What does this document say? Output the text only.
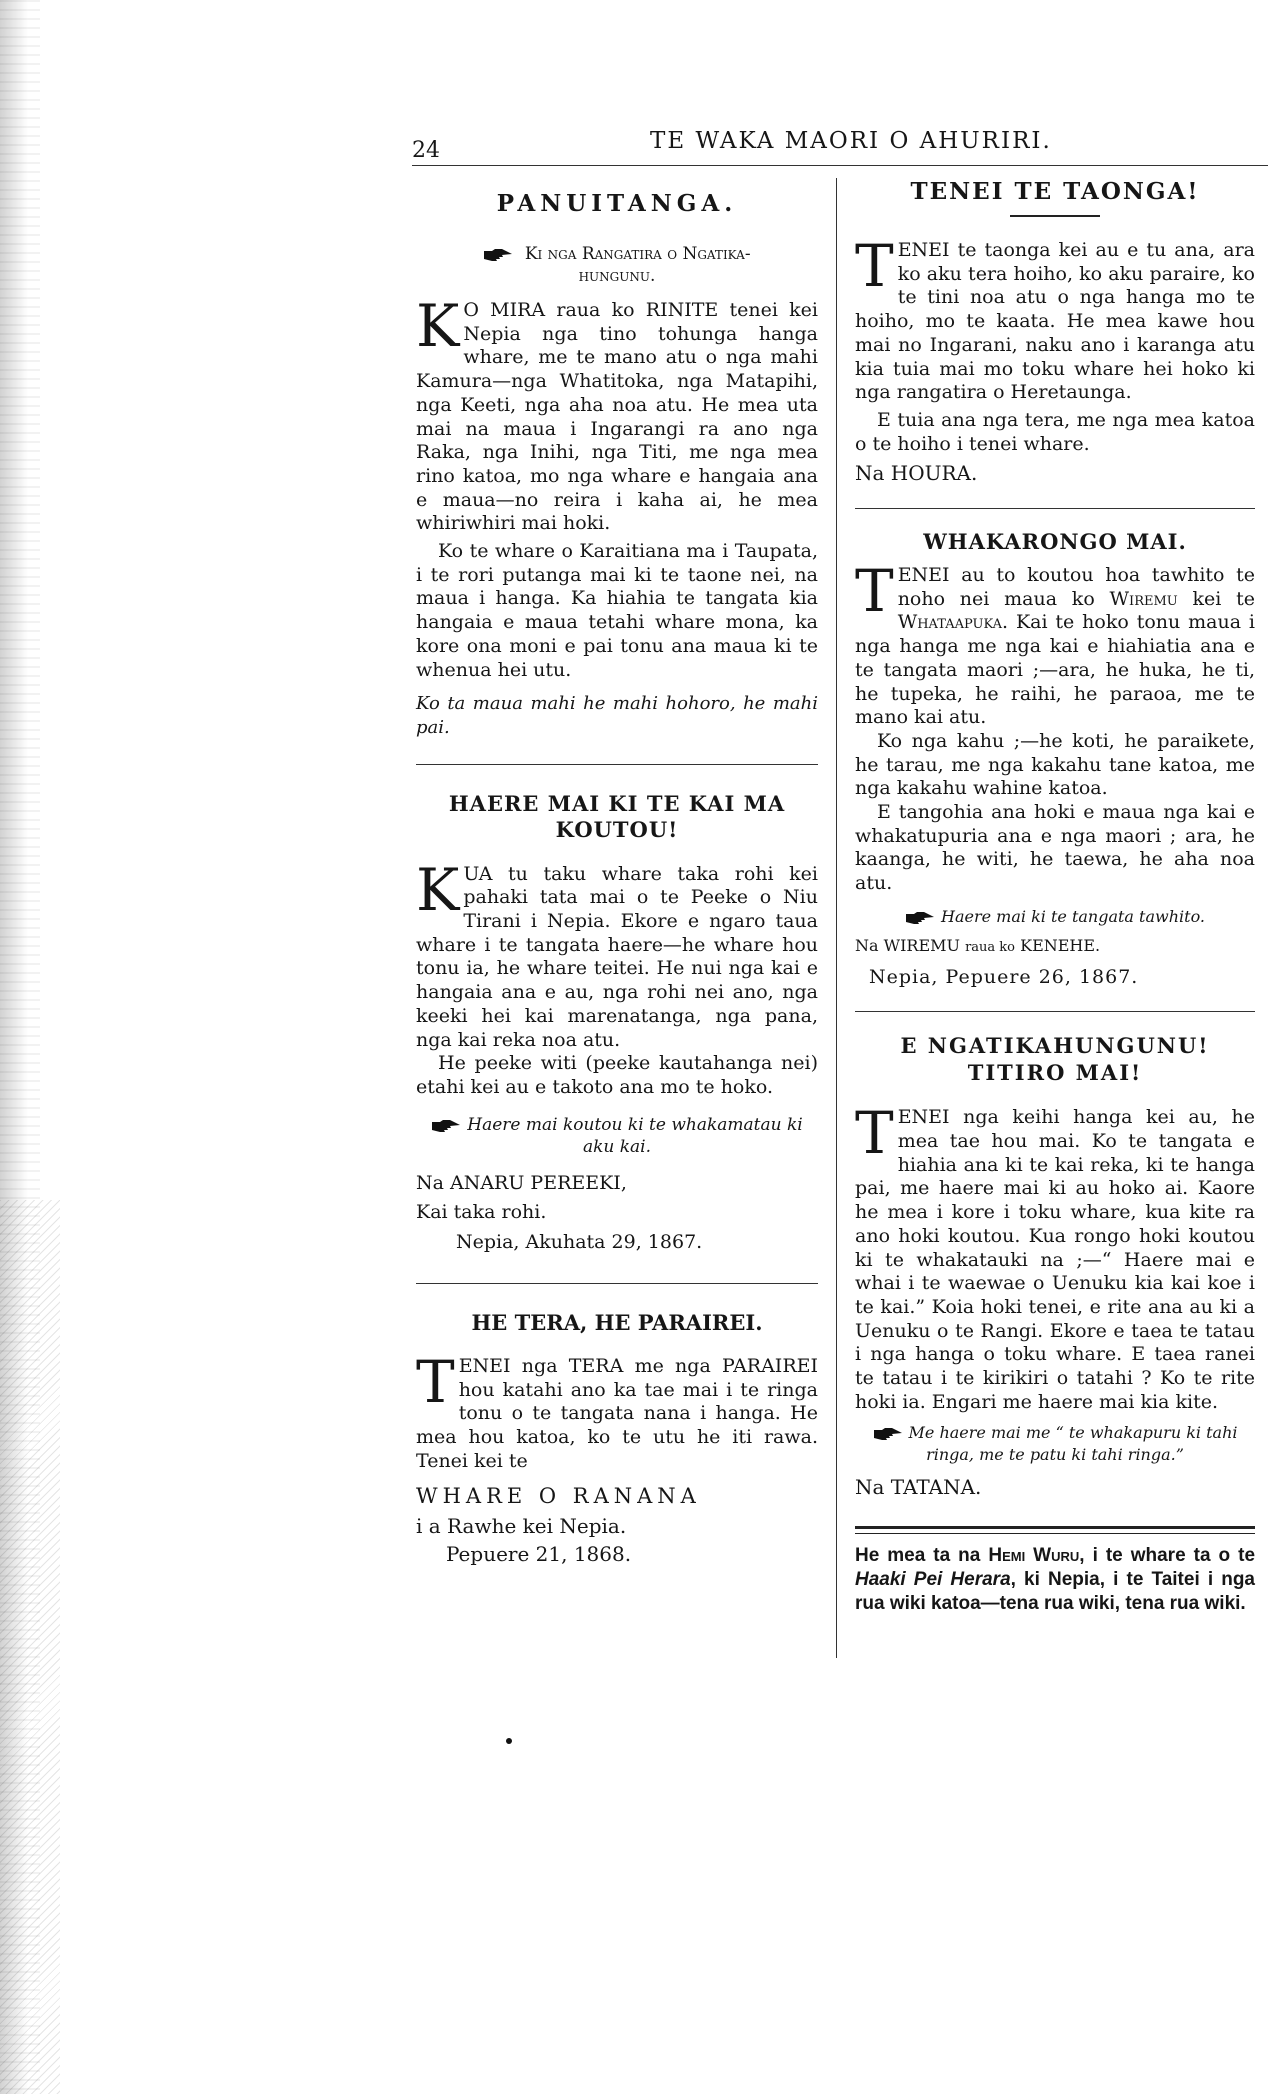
24	TE WAKA MAORI O AHURIRI.
PANUITANGA.
Ki nga Rangatira o Ngatika-
hungunu.

K O MIRA raua ko RINITE tenei kei Nepia nga tino tohunga hanga whare, me te mano atu o nga mahi Kamura—nga Whatitoka, nga Matapihi, nga Keeti, nga aha noa atu. He mea uta mai na maua i Ingarangi ra ano nga Raka, nga Inihi, nga Titi, me nga mea rino katoa, mo nga whare e hangaia ana e maua—no reira i kaha ai, he mea whiriwhiri mai hoki.

Ko te whare o Karaitiana ma i Taupata, i te rori putanga mai ki te taone nei, na maua i hanga. Ka hiahia te tangata kia hangaia e maua tetahi whare mona, ka kore ona moni e pai tonu ana maua ki te whenua hei utu.

Ko ta maua mahi he mahi hohoro, he mahi pai.

HAERE MAI KI TE KAI MA KOUTOU!

KUA tu taku whare taka rohi kei pahaki tata mai o te Peeke o Niu Tirani i Nepia. Ekore e ngaro taua whare i te tangata haere—he whare hou tonu ia, he whare teitei. He nui nga kai e hangaia ana e au, nga rohi nei ano, nga keeki hei kai marenatanga, nga pana, nga kai reka noa atu.

He peeke witi (peeke kautahanga nei) etahi kei au e takoto ana mo te hoko.

Haere mai koutou ki te whakamatau ki aku kai.

Na ANARU PEREEKI,

Kai taka rohi.

Nepia, Akuhata 29, 1867.

HE TERA, HE PARAIREI.

TENEI nga TERA me nga PARAIREI hou katahi ano ka tae mai i te ringa tonu o te tangata nana i hanga. He mea hou katoa, ko te utu he iti rawa. Tenei kei te

WHARE O RANANA

i a Rawhe kei Nepia.

Pepuere 21, 1868.

TENEI TE TAONGA!

TENEI te taonga kei au e tu ana, ara ko aku tera hoiho, ko aku paraire, ko te tini noa atu o nga hanga mo te hoiho, mo te kaata. He mea kawe hou mai no Ingarani, naku ano i karanga atu kia tuia mai mo toku whare hei hoko ki nga rangatira o Heretaunga.

E tuia ana nga tera, me nga mea katoa o te hoiho i tenei whare.

Na HOURA.

WHAKARONGO MAI.

TENEI au to koutou hoa tawhito te noho nei maua ko Wiremu kei te Whataapuka. Kai te hoko tonu maua i nga hanga me nga kai e hiahiatia ana e te tangata maori ;—ara, he huka, he ti, he tupeka, he raihi, he paraoa, me te mano kai atu.

Ko nga kahu ;—he koti, he paraikete, he tarau, me nga kakahu tane katoa, me nga kakahu wahine katoa.

E tangohia ana hoki e maua nga kai e whakatupuria ana e nga maori ; ara, he kaanga, he witi, he taewa, he aha noa atu.

Haere mai ki te tangata tawhito.

Na WIREMU raua ko KENEHE.

Nepia, Pepuere 26, 1867.

E NGATIKAHUNGUNU! TITIRO MAI!

TENEI nga keihi hanga kei au, he mea tae hou mai. Ko te tangata e hiahia ana ki te kai reka, ki te hanga pai, me haere mai ki au hoko ai. Kaore he mea i kore i toku whare, kua kite ra ano hoki koutou. Kua rongo hoki koutou ki te whakatauki na ;—“ Haere mai e whai i te waewae o Uenuku kia kai koe i te kai.” Koia hoki tenei, e rite ana au ki a Uenuku o te Rangi. Ekore e taea te tatau i nga hanga o toku whare. E taea ranei te tatau i te kirikiri o tatahi ? Ko te rite hoki ia. Engari me haere mai kia kite.

Me haere mai me “ te whakapuru ki tahi ringa, me te patu ki tahi ringa.”

Na TATANA.

He mea ta na Hemi Wuru, i te whare ta o te Haaki Pei Herara, ki Nepia, i te Taitei i nga rua wiki katoa—tena rua wiki, tena rua wiki.
